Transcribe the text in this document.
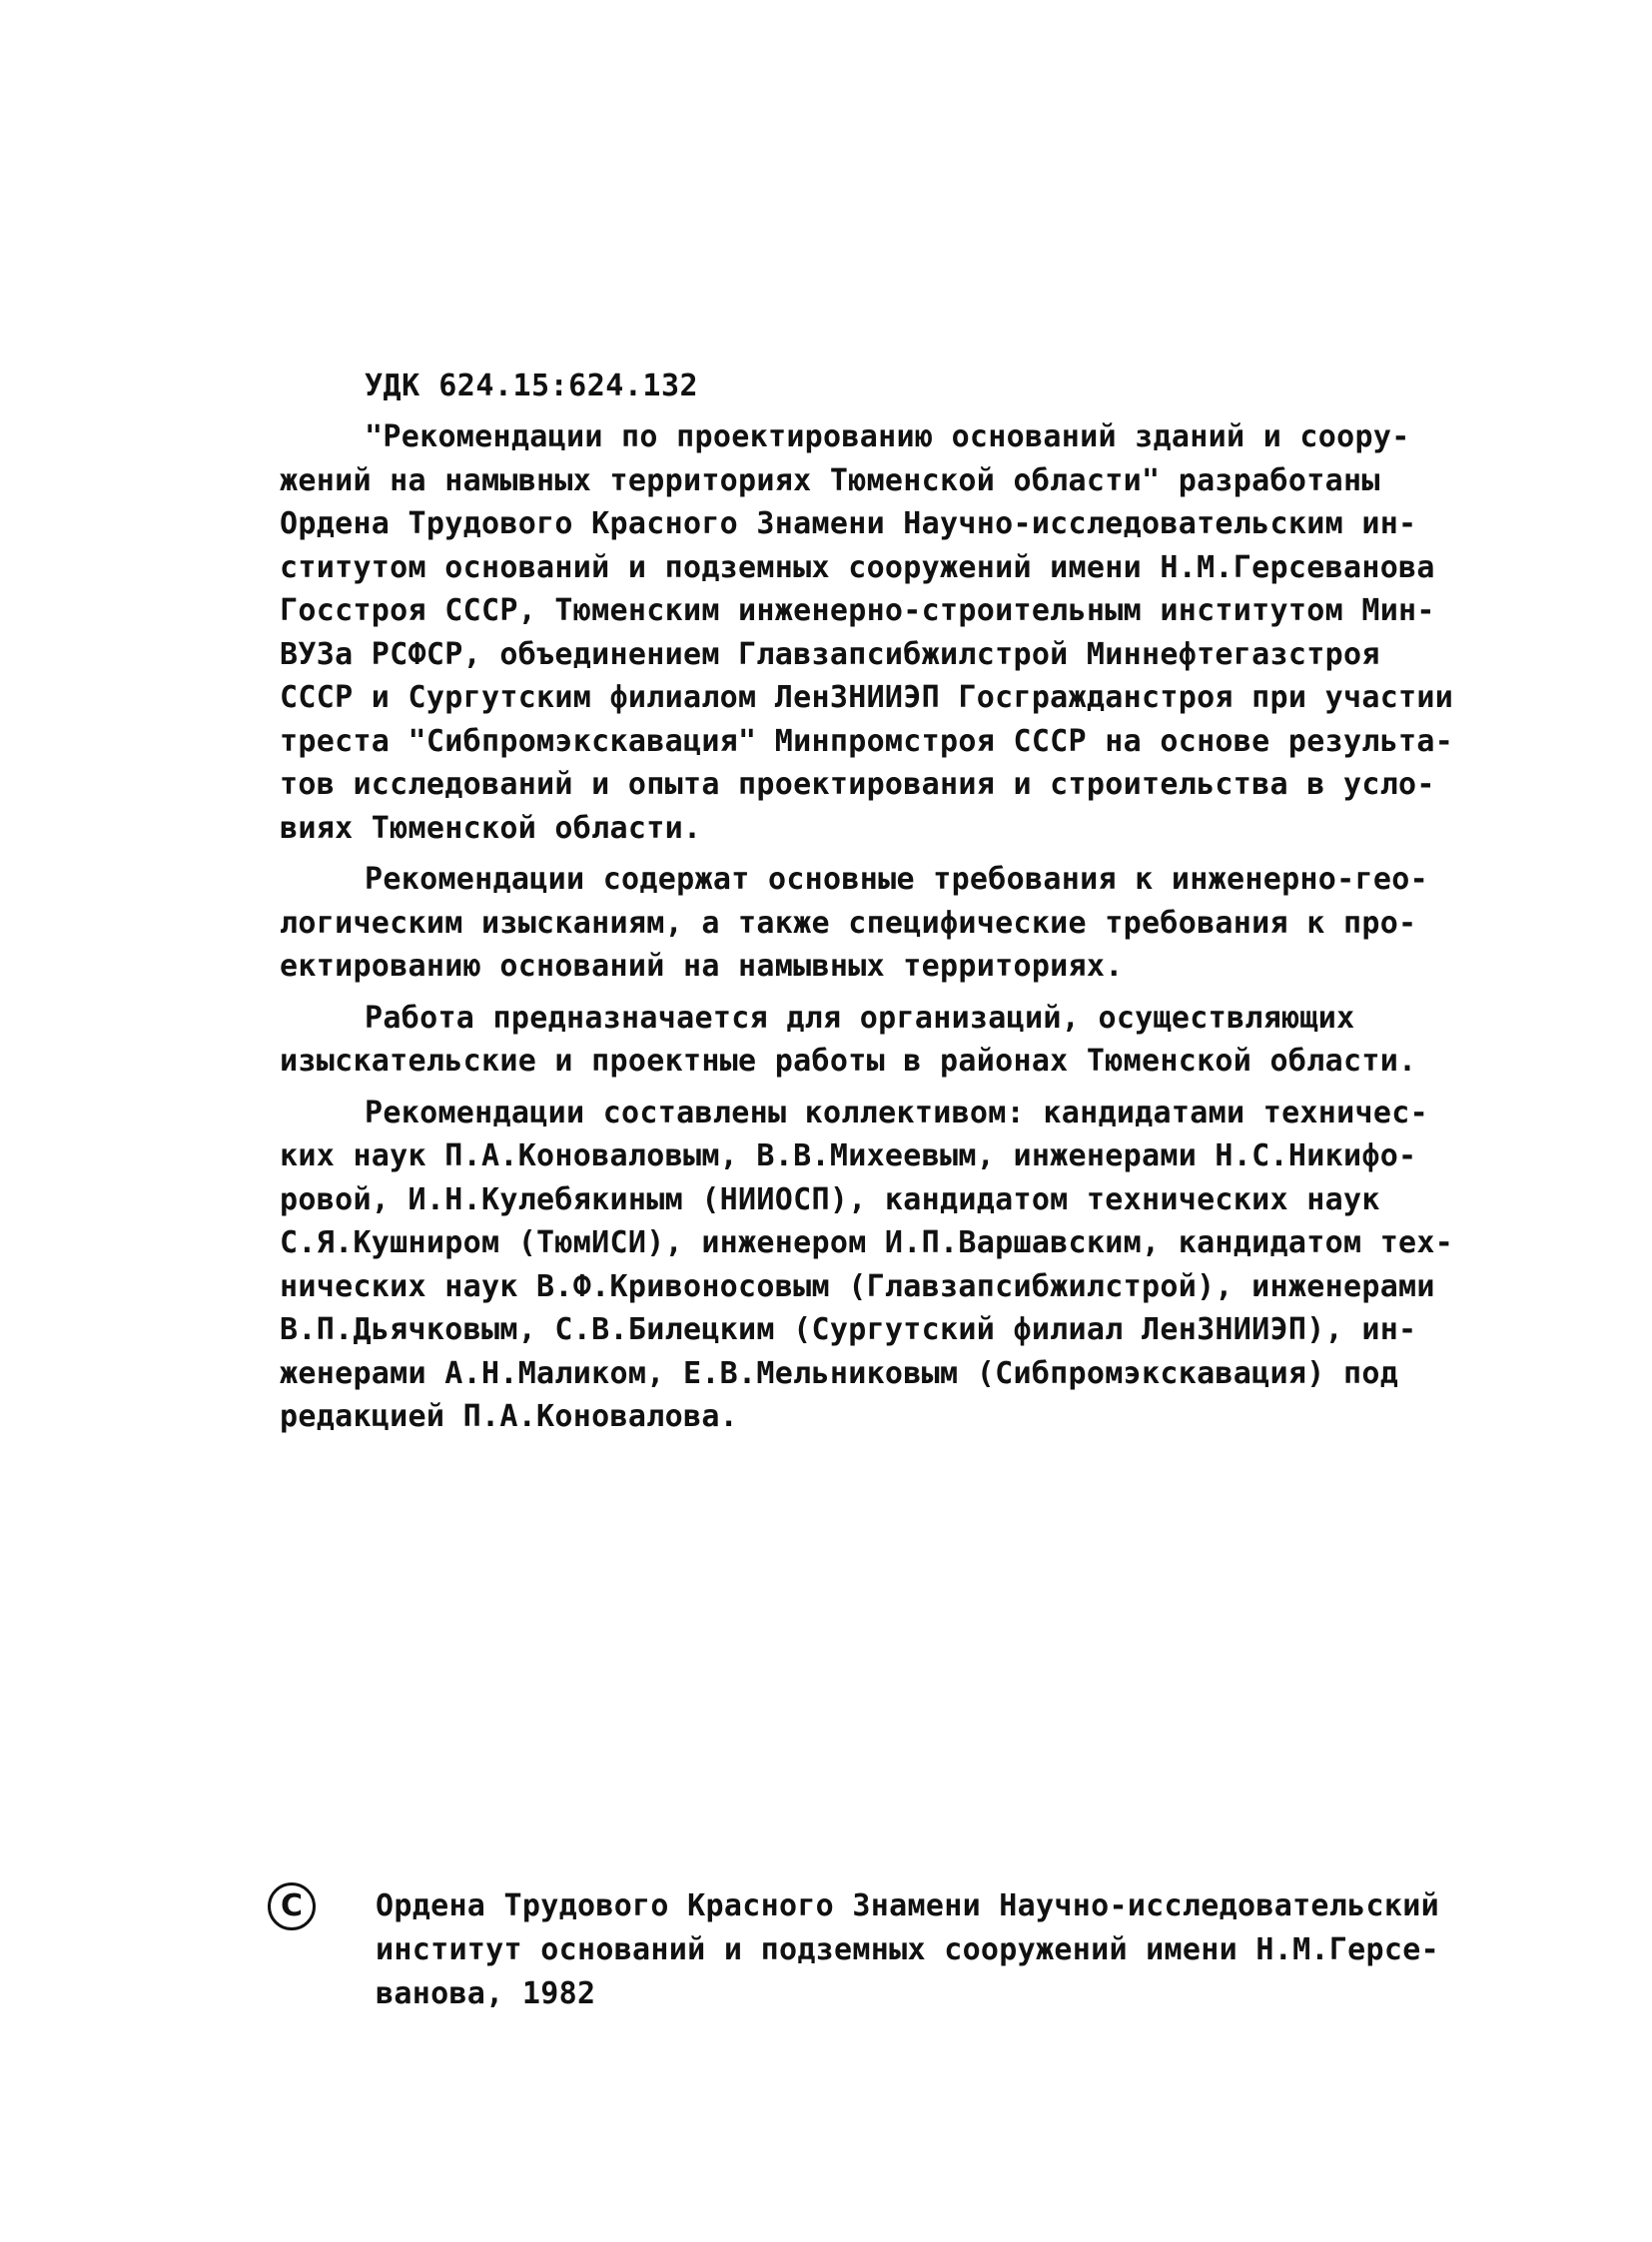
УДК 624.15:624.132
"Рекомендации по проектированию оснований зданий и соору-
жений на намывных территориях Тюменской области" разработаны
Ордена Трудового Красного Знамени Научно-исследовательским ин-
ститутом оснований и подземных сооружений имени Н.М.Герсеванова
Госстроя СССР, Тюменским инженерно-строительным институтом Мин-
ВУЗа РСФСР, объединением Главзапсибжилстрой Миннефтегазстроя
СССР и Сургутским филиалом ЛенЗНИИЭП Госгражданстроя при участии
треста "Сибпромэкскавация" Минпромстроя СССР на основе результа-
тов исследований и опыта проектирования и строительства в усло-
виях Тюменской области.
Рекомендации содержат основные требования к инженерно-гео-
логическим изысканиям, а также специфические требования к про-
ектированию оснований на намывных территориях.
Работа предназначается для организаций, осуществляющих
изыскательские и проектные работы в районах Тюменской области.
Рекомендации составлены коллективом: кандидатами техничес-
ких наук П.А.Коноваловым, В.В.Михеевым, инженерами Н.С.Никифо-
ровой, И.Н.Кулебякиным (НИИОСП), кандидатом технических наук
С.Я.Кушниром (ТюмИСИ), инженером И.П.Варшавским, кандидатом тех-
нических наук В.Ф.Кривоносовым (Главзапсибжилстрой), инженерами
В.П.Дьячковым, С.В.Билецким (Сургутский филиал ЛенЗНИИЭП), ин-
женерами А.Н.Маликом, Е.В.Мельниковым (Сибпромэкскавация) под
редакцией П.А.Коновалова.
C	Ордена Трудового Красного Знамени Научно-исследовательский
институт оснований и подземных сооружений имени Н.М.Герсе-
ванова, 1982
